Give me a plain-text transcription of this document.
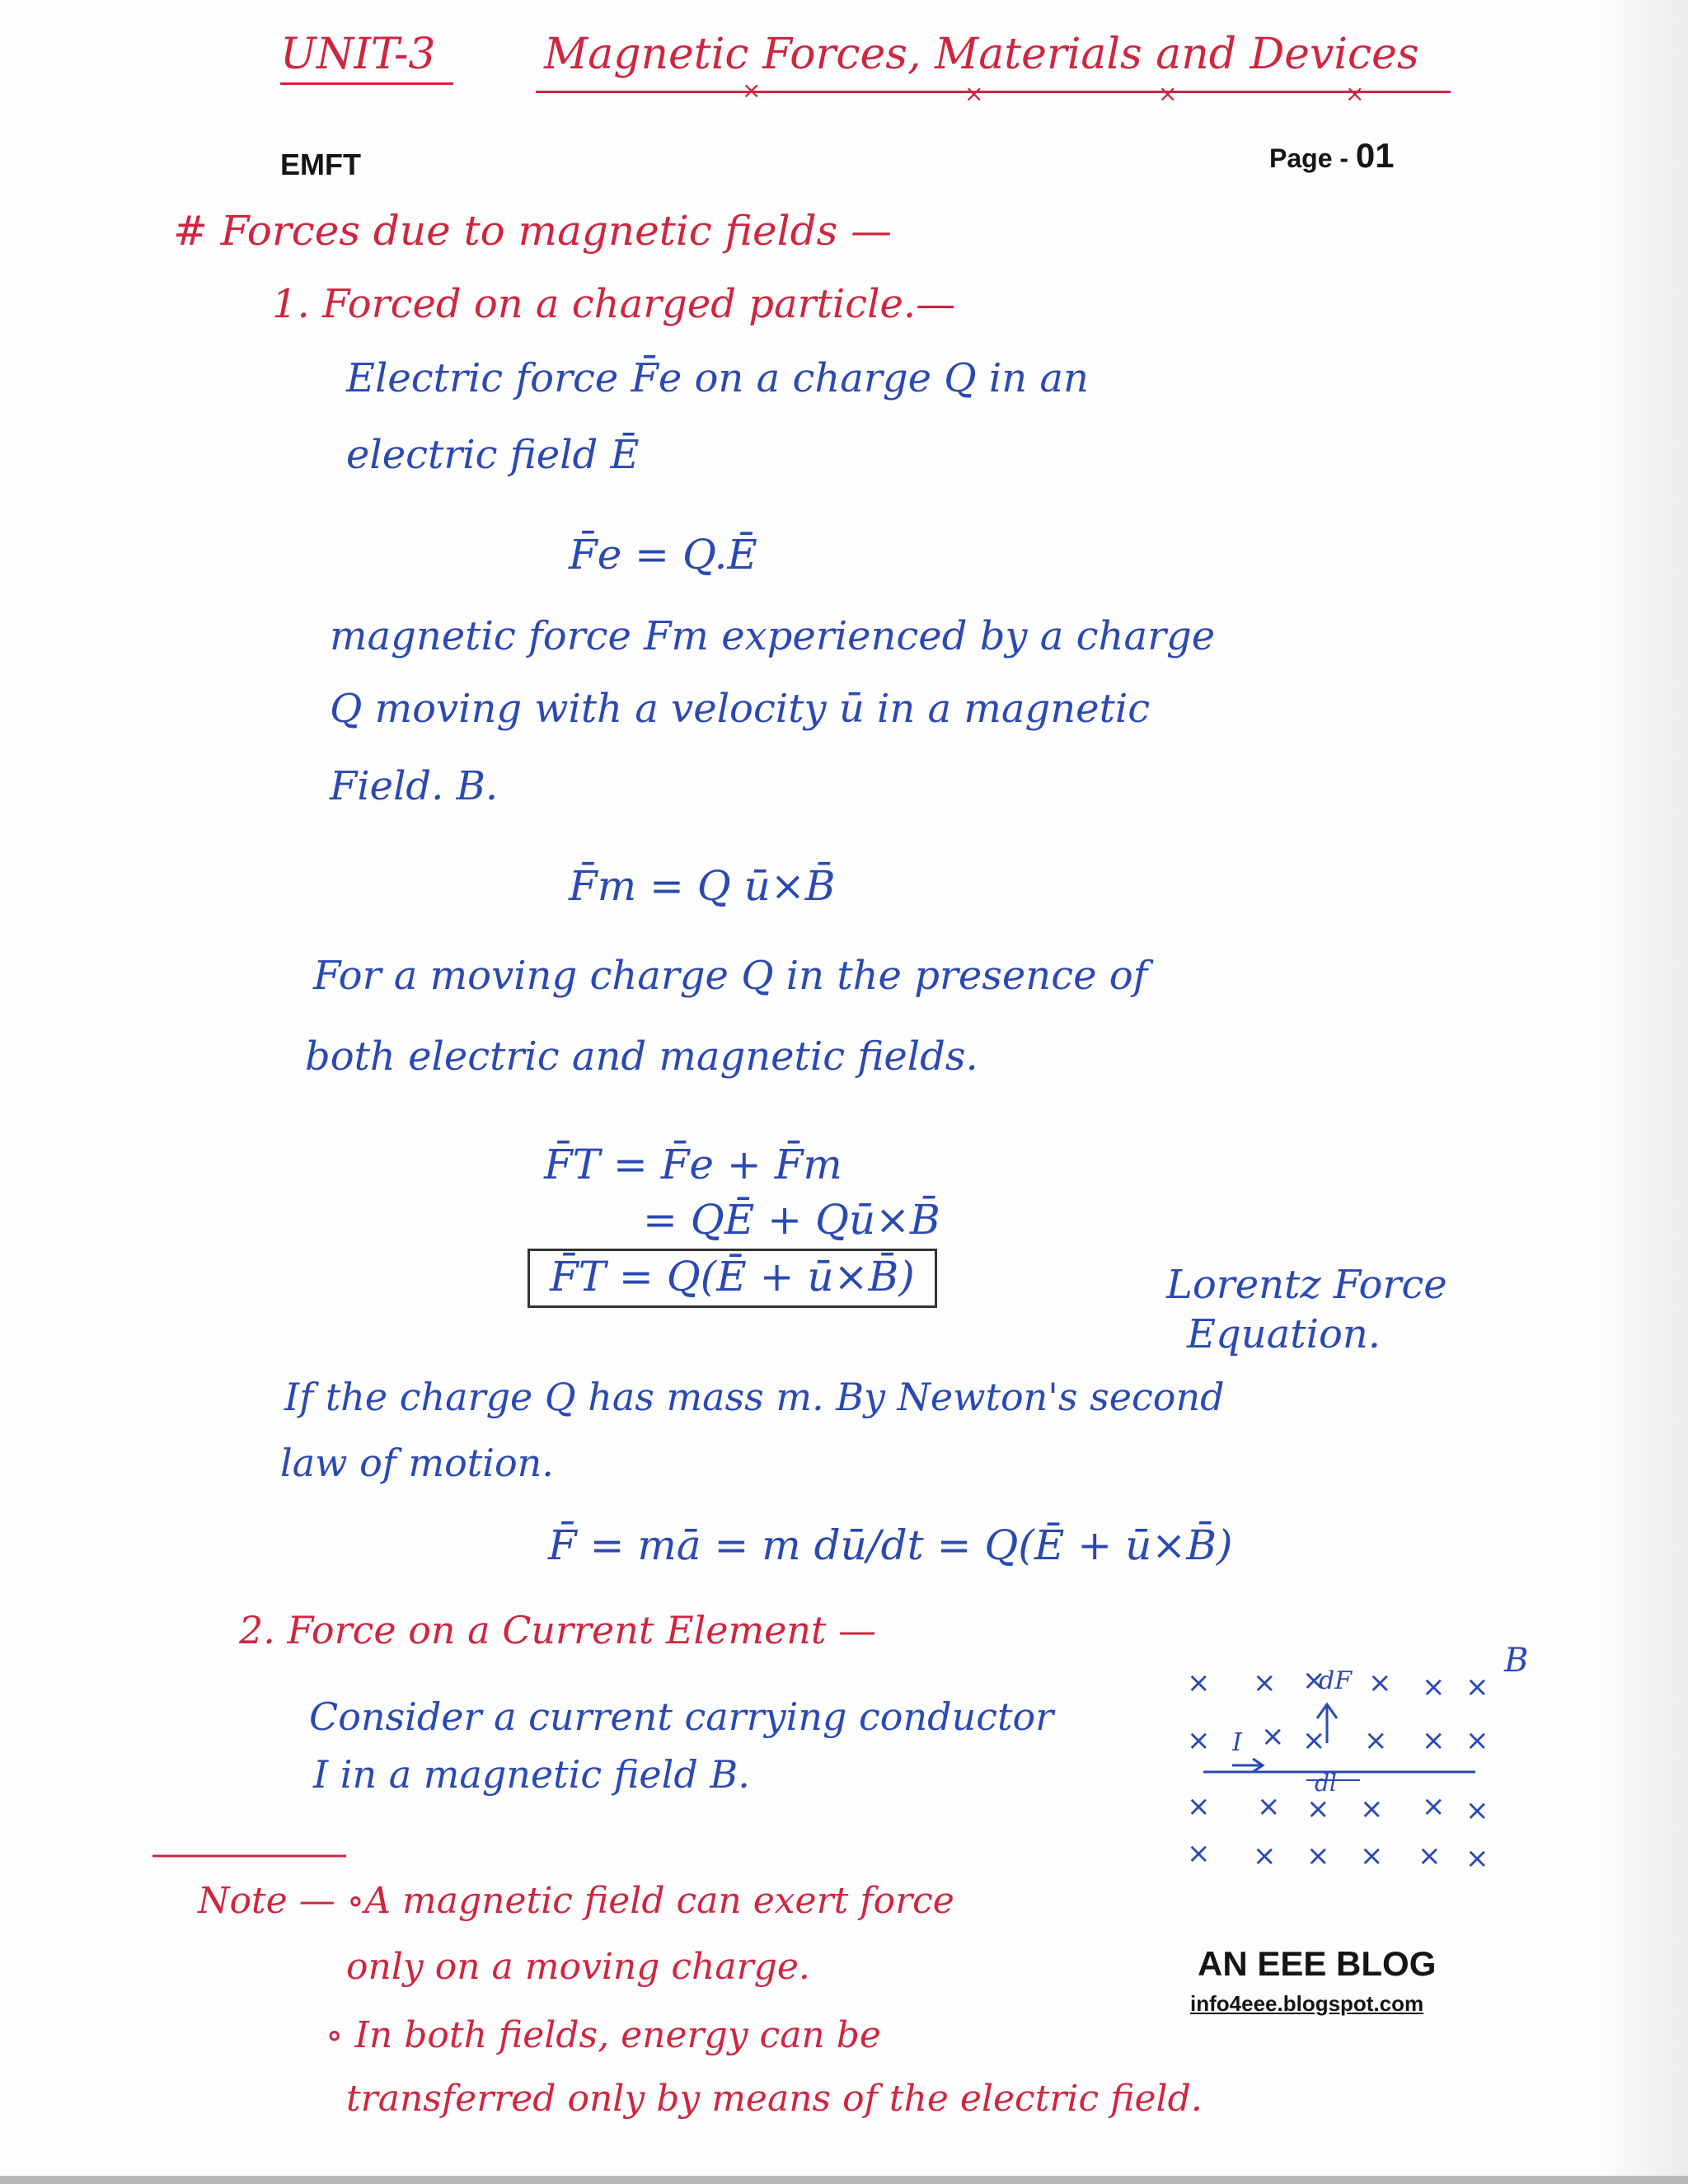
UNIT-3	Magnetic Forces, Materials and Devices
×	×	×	×
EMFT	Page - 01
# Forces due to magnetic fields —
1. Forced on a charged particle.—
Electric force F̄e on a charge Q in an
electric field Ē
F̄e = Q.Ē
magnetic force Fm experienced by a charge
Q moving with a velocity ū in a magnetic
Field. B.
F̄m = Q ū×B̄
For a moving charge Q in the presence of
both electric and magnetic fields.
F̄T = F̄e + F̄m
= QĒ + Qū×B̄
F̄T = Q(Ē + ū×B̄)	Lorentz Force
Equation.
If the charge Q has mass m. By Newton's second
law of motion.
F̄ = mā = m dū/dt = Q(Ē + ū×B̄)
2. Force on a Current Element —
Consider a current carrying conductor
I in a magnetic field B.
× × × × × ×
B
dF
× × × × × ×
I
dl
× × × × × ×
× × × × × ×
Note — ∘A magnetic field can exert force
only on a moving charge.
∘ In both fields, energy can be
transferred only by means of the electric field.
AN EEE BLOG
info4eee.blogspot.com
